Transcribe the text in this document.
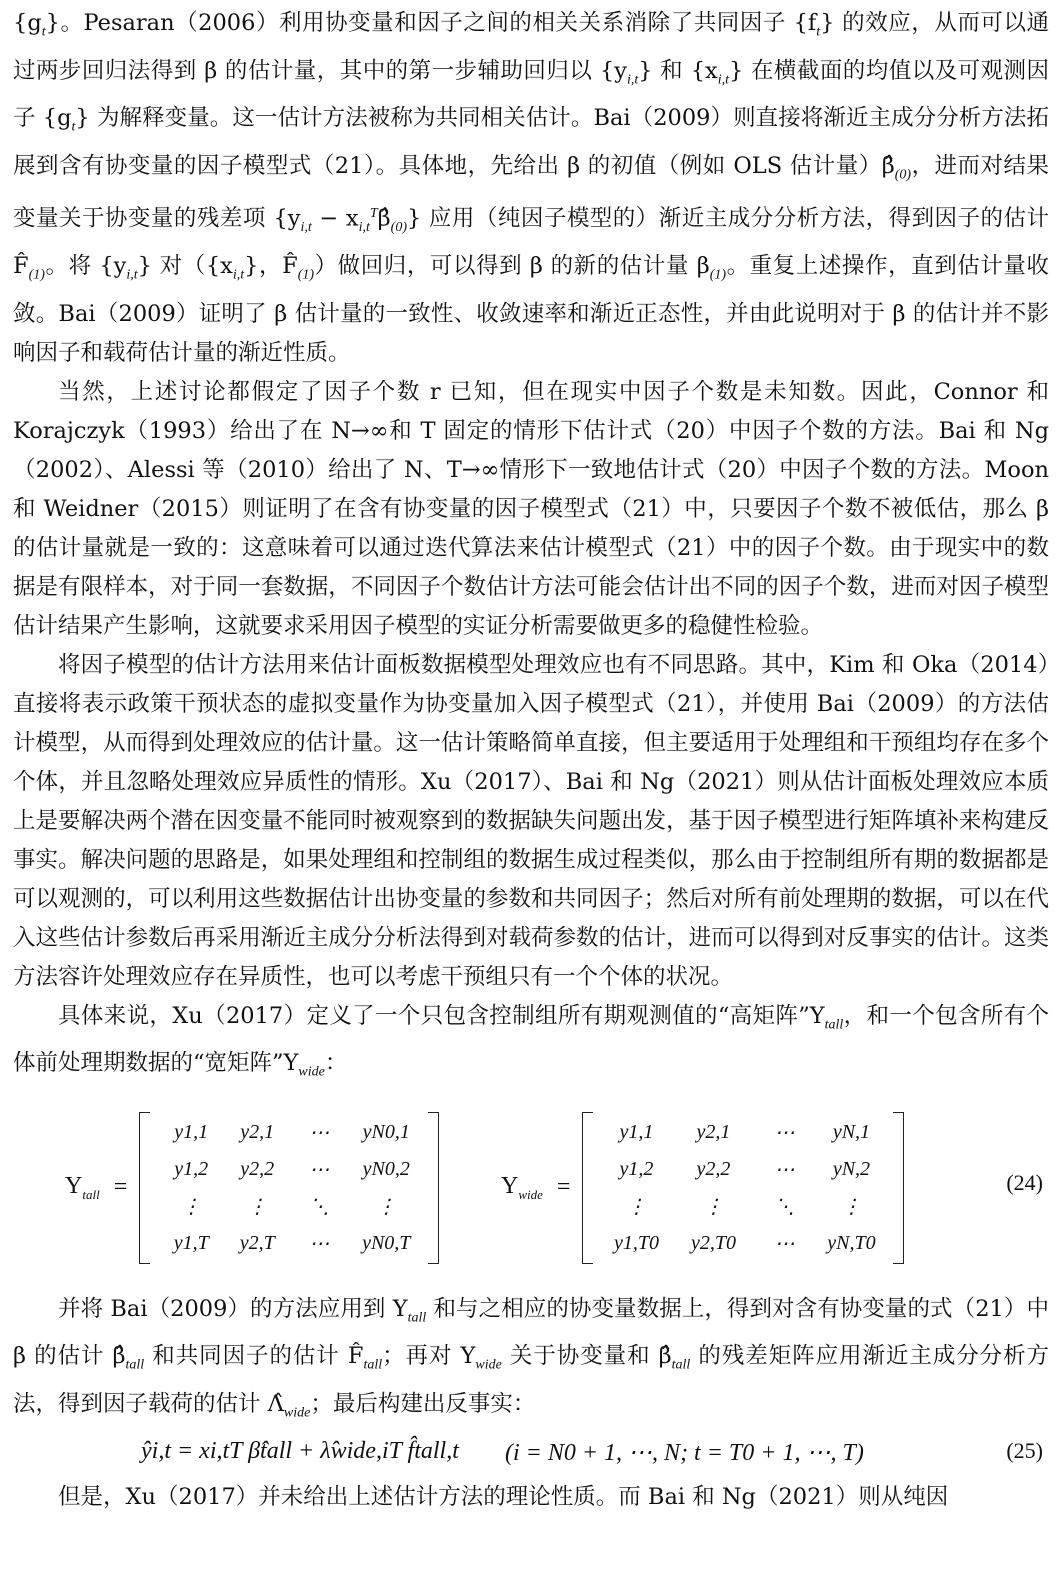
$\{g_t\}$。Pesaran（2006）利用协变量和因子之间的相关关系消除了共同因子 $\{f_t\}$ 的效应，从而可以通过两步回归法得到 β 的估计量，其中的第一步辅助回归以 $\{y_{i,t}\}$ 和 $\{x_{i,t}\}$ 在横截面的均值以及可观测因子 $\{g_t\}$ 为解释变量。这一估计方法被称为共同相关估计。Bai（2009）则直接将渐近主成分分析方法拓展到含有协变量的因子模型式（21）。具体地，先给出 β 的初值（例如 OLS 估计量）$\betâ_{(0)}$，进而对结果变量关于协变量的残差项 {$y_{i,t}$ − $x_{i,t}^T\betâ_{(0)}$} 应用（纯因子模型的）渐近主成分分析方法，得到因子的估计 $F̂_{(1)}$。将 $\{y_{i,t}\}$ 对（$\{x_{i,t}\}$，$F̂_{(1)}$）做回归，可以得到 β 的新的估计量 $\beta_{(1)}$。重复上述操作，直到估计量收敛。Bai（2009）证明了 β 估计量的一致性、收敛速率和渐近正态性，并由此说明对于 β 的估计并不影响因子和载荷估计量的渐近性质。

当然，上述讨论都假定了因子个数 r 已知，但在现实中因子个数是未知数。因此，Connor 和 Korajczyk（1993）给出了在 N→∞和 T 固定的情形下估计式（20）中因子个数的方法。Bai 和 Ng（2002）、Alessi 等（2010）给出了 N、T→∞情形下一致地估计式（20）中因子个数的方法。Moon 和 Weidner（2015）则证明了在含有协变量的因子模型式（21）中，只要因子个数不被低估，那么 β 的估计量就是一致的：这意味着可以通过迭代算法来估计模型式（21）中的因子个数。由于现实中的数据是有限样本，对于同一套数据，不同因子个数估计方法可能会估计出不同的因子个数，进而对因子模型估计结果产生影响，这就要求采用因子模型的实证分析需要做更多的稳健性检验。

将因子模型的估计方法用来估计面板数据模型处理效应也有不同思路。其中，Kim 和 Oka（2014）直接将表示政策干预状态的虚拟变量作为协变量加入因子模型式（21），并使用 Bai（2009）的方法估计模型，从而得到处理效应的估计量。这一估计策略简单直接，但主要适用于处理组和干预组均存在多个个体，并且忽略处理效应异质性的情形。Xu（2017）、Bai 和 Ng（2021）则从估计面板处理效应本质上是要解决两个潜在因变量不能同时被观察到的数据缺失问题出发，基于因子模型进行矩阵填补来构建反事实。解决问题的思路是，如果处理组和控制组的数据生成过程类似，那么由于控制组所有期的数据都是可以观测的，可以利用这些数据估计出协变量的参数和共同因子；然后对所有前处理期的数据，可以在代入这些估计参数后再采用渐近主成分分析法得到对载荷参数的估计，进而可以得到对反事实的估计。这类方法容许处理效应存在异质性，也可以考虑干预组只有一个个体的状况。

具体来说，Xu（2017）定义了一个只包含控制组所有期观测值的“高矩阵$”Y_{tall}$，和一个包含所有个体前处理期数据的“宽矩阵$”Y_{wide}$：

$Y_{tall}$ =
y1,1	y2,1	⋯	yN0,1
y1,2	y2,2	⋯	yN0,2
⋮	⋮	⋱	⋮
y1,T	y2,T	⋯	yN0,T
$Y_{wide}$ =
y1,1	y2,1	⋯	yN,1
y1,2	y2,2	⋯	yN,2
⋮	⋮	⋱	⋮
y1,T0	y2,T0	⋯	yN,T0
(24)

并将 Bai（2009）的方法应用到 $Y_{tall}$ 和与之相应的协变量数据上，得到对含有协变量的式（21）中 β 的估计 $\betâ_{tall}$ 和共同因子的估计 $F̂_{tall}$；再对 $Y_{wide}$ 关于协变量和 $\betâ_{tall}$ 的残差矩阵应用渐近主成分分析方法，得到因子载荷的估计 $\Lambdâ_{wide}$；最后构建出反事实：

ŷi,t = xi,tT β̂tall + λ̂wide,iT f̂tall,t (i = N0 + 1, ⋯, N; t = T0 + 1, ⋯, T)	(25)

但是，Xu（2017）并未给出上述估计方法的理论性质。而 Bai 和 Ng（2021）则从纯因
